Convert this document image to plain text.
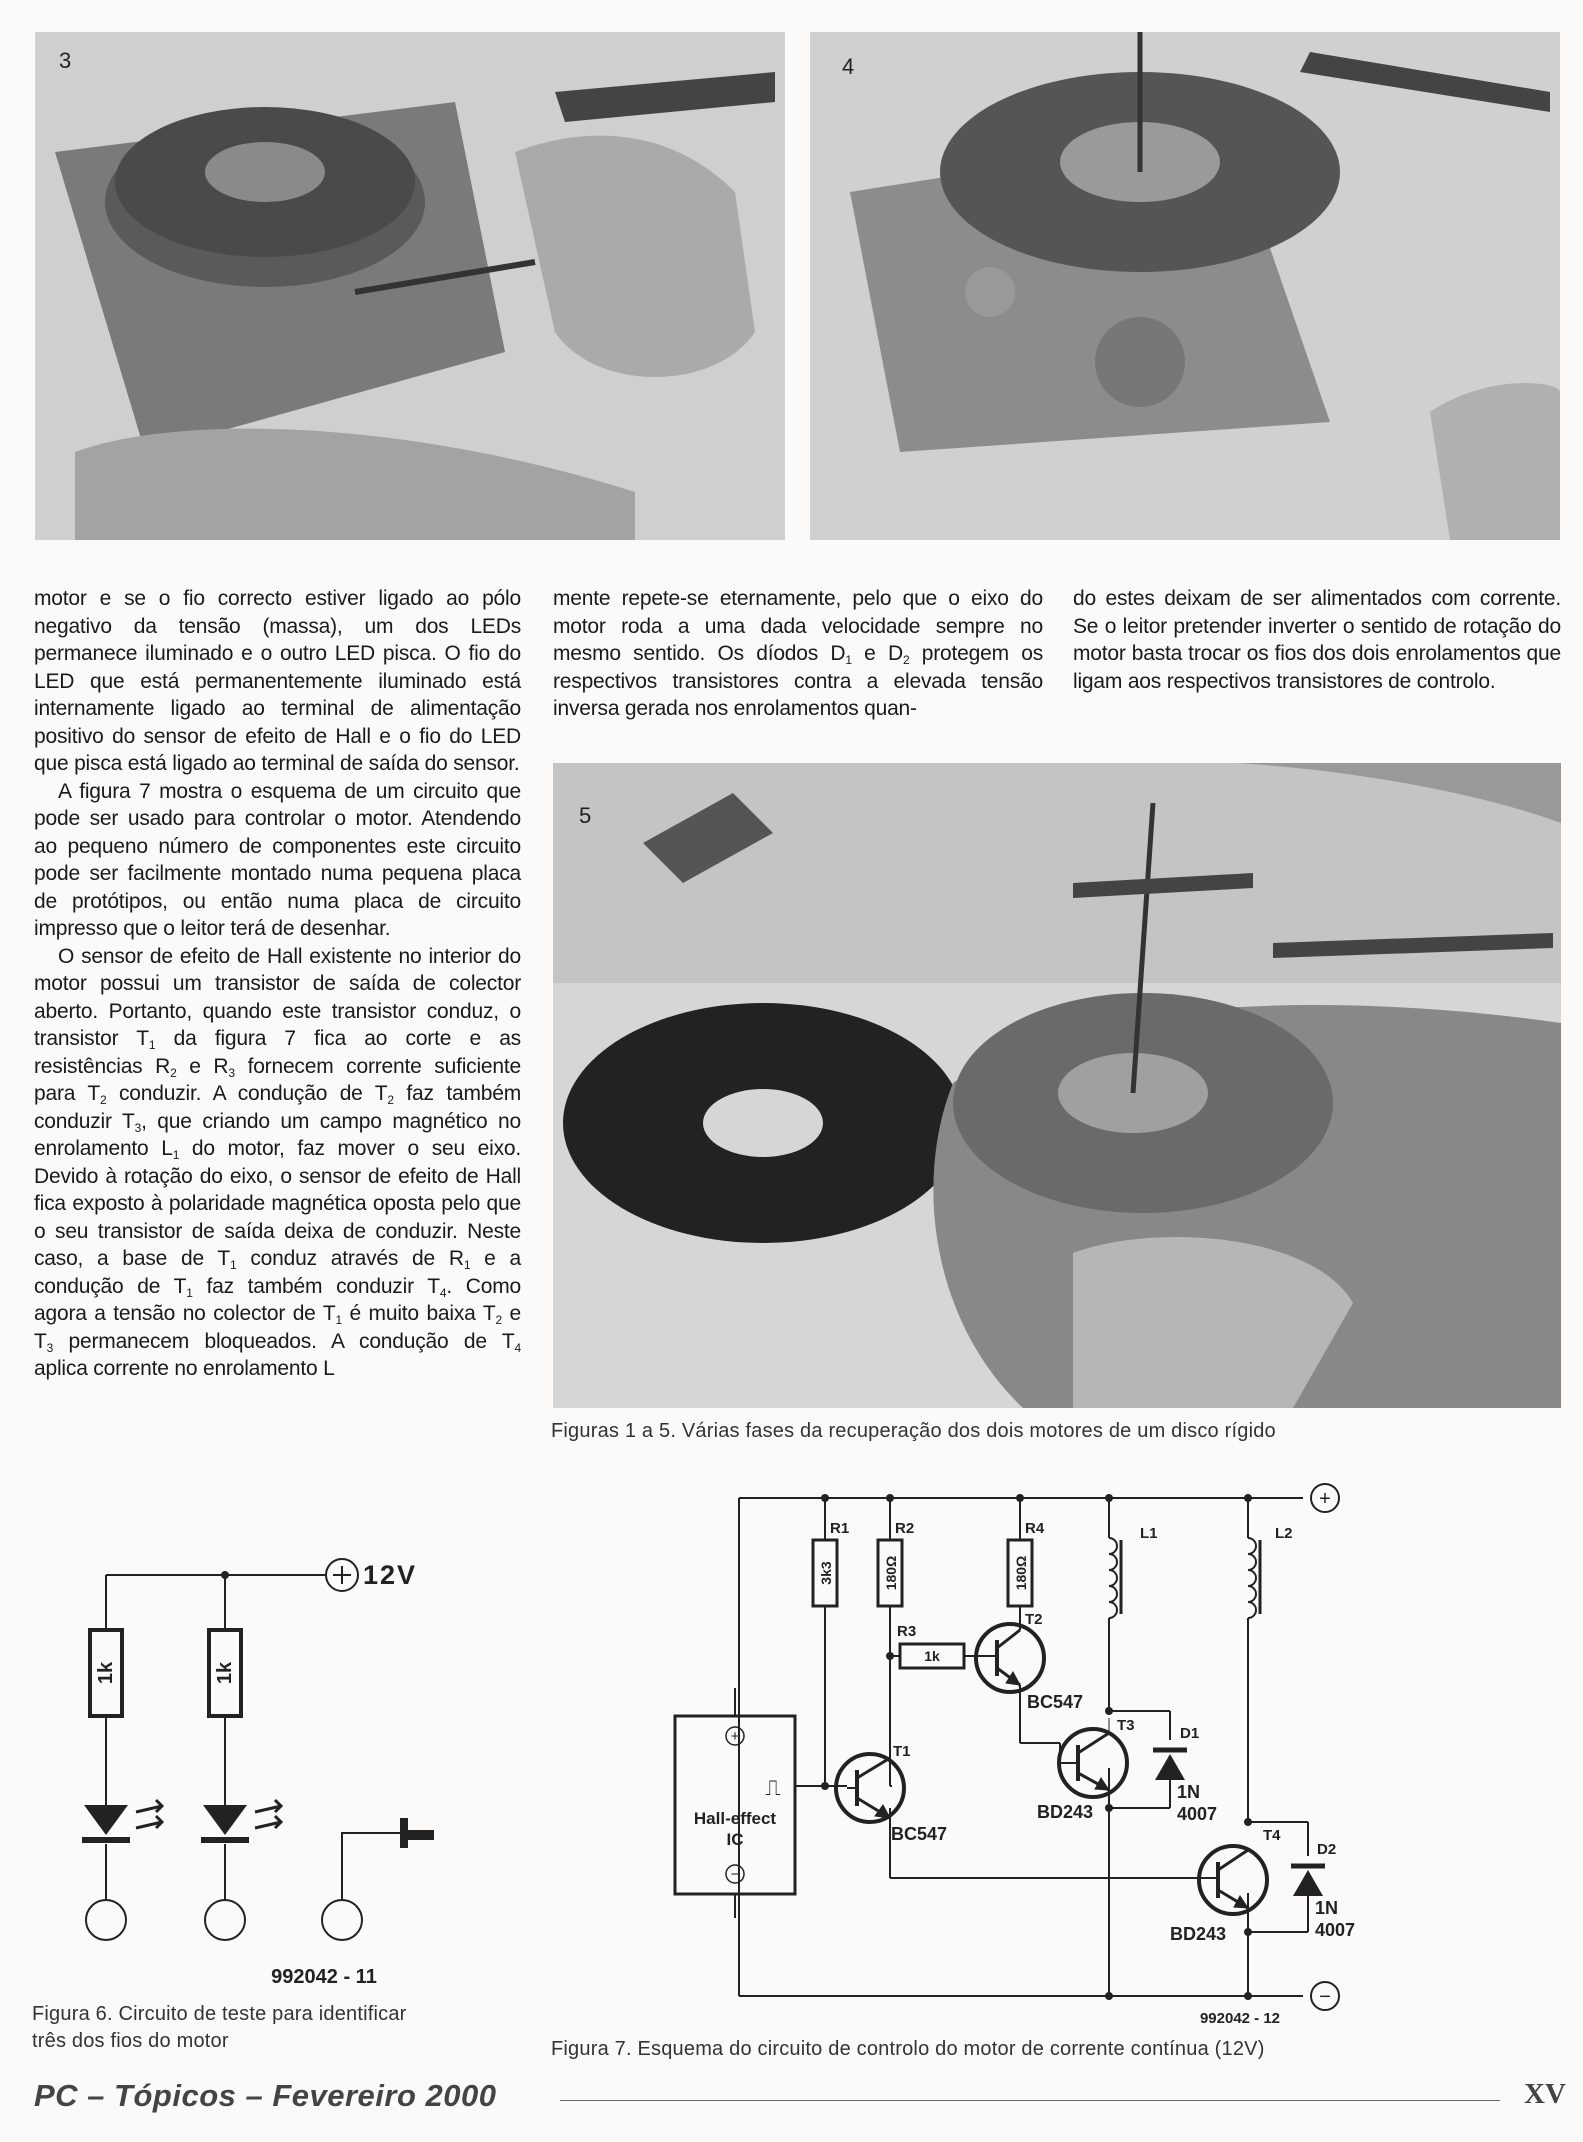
3	4

motor e se o fio correcto estiver ligado ao pólo negativo da tensão (massa), um dos LEDs permanece iluminado e o outro LED pisca. O fio do LED que está permanentemente iluminado está internamente ligado ao terminal de alimentação positivo do sensor de efeito de Hall e o fio do LED que pisca está ligado ao terminal de saída do sensor.

A figura 7 mostra o esquema de um circuito que pode ser usado para controlar o motor. Atendendo ao pequeno número de componentes este circuito pode ser facilmente montado numa pequena placa de protótipos, ou então numa placa de circuito impresso que o leitor terá de desenhar.

O sensor de efeito de Hall existente no interior do motor possui um transistor de saída de colector aberto. Portanto, quando este transistor conduz, o transistor $T_1$ da figura 7 fica ao corte e as resistências $R_2$ e $R_3$ fornecem corrente suficiente para $T_2$ conduzir. A condução de $T_2$ faz também conduzir $T_3$, que criando um campo magnético no enrolamento $L_1$ do motor, faz mover o seu eixo. Devido à rotação do eixo, o sensor de efeito de Hall fica exposto à polaridade magnética oposta pelo que o seu transistor de saída deixa de conduzir. Neste caso, a base de $T_1$ conduz através de $R_1$ e a condução de $T_1$ faz também conduzir $T_4$. Como agora a tensão no colector de $T_1$ é muito baixa $T_2$ e $T_3$ permanecem bloqueados. A condução de $T_4$ aplica corrente no enrolamento L

mente repete-se eternamente, pelo que o eixo do motor roda a uma dada velocidade sempre no mesmo sentido. Os díodos $D_1$ e $D_2$ protegem os respectivos transistores contra a elevada tensão inversa gerada nos enrolamentos quan-

do estes deixam de ser alimentados com corrente. Se o leitor pretender inverter o sentido de rotação do motor basta trocar os fios dos dois enrolamentos que ligam aos respectivos transistores de controlo.

5
Figuras 1 a 5. Várias fases da recuperação dos dois motores de um disco rígido
1k	1k
12V
992042 - 11
Figura 6. Circuito de teste para identificar
três dos fios do motor
R1	R2	R4
R3
L1	L2
T1
T2
T3
T4
D1
D2
992042 - 12
3k3	180Ω	180Ω
1k
BC547
BC547
BD243
BD243
1N
4007
1N
4007
Hall-effect
IC
+
−
+
−
⎍
Figura 7. Esquema do circuito de controlo do motor de corrente contínua (12V)
PC – Tópicos – Fevereiro 2000	XV
